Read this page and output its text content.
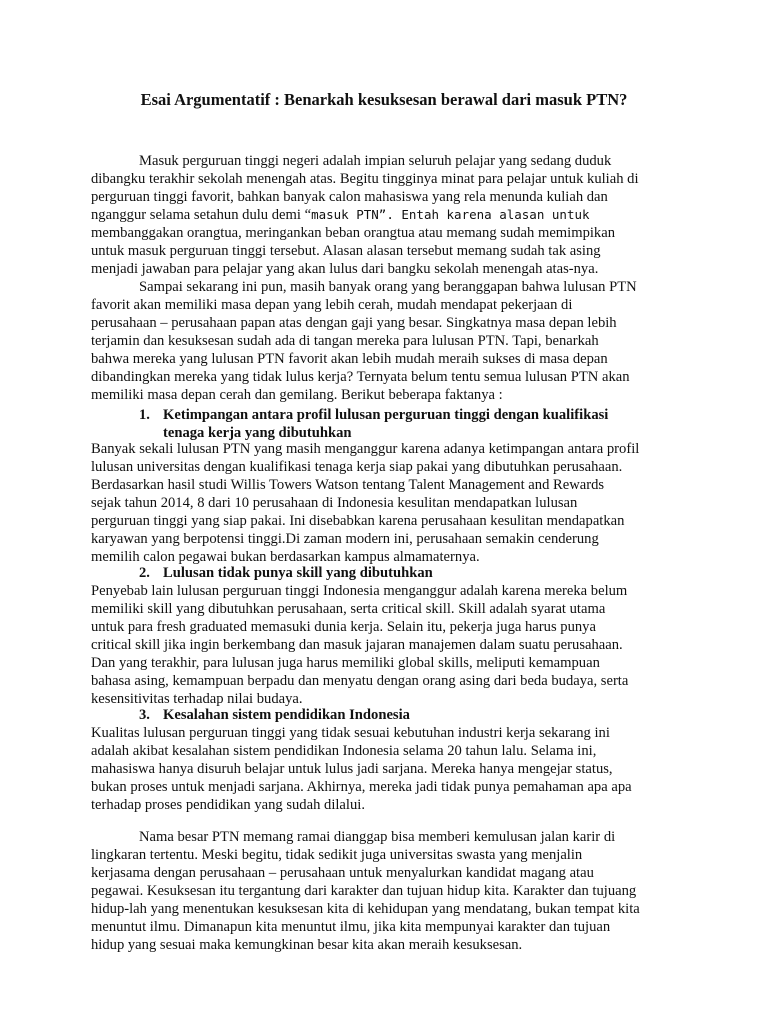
Esai Argumentatif : Benarkah kesuksesan berawal dari masuk PTN?

Masuk perguruan tinggi negeri adalah impian seluruh pelajar yang sedang duduk

dibangku terakhir sekolah menengah atas. Begitu tingginya minat para pelajar untuk kuliah di

perguruan tinggi favorit, bahkan banyak calon mahasiswa yang rela menunda kuliah dan

nganggur selama setahun dulu demi “masuk PTN”. Entah karena alasan untuk

membanggakan orangtua, meringankan beban orangtua atau memang sudah memimpikan

untuk masuk perguruan tinggi tersebut. Alasan alasan tersebut memang sudah tak asing

menjadi jawaban para pelajar yang akan lulus dari bangku sekolah menengah atas-nya.

Sampai sekarang ini pun, masih banyak orang yang beranggapan bahwa lulusan PTN

favorit akan memiliki masa depan yang lebih cerah, mudah mendapat pekerjaan di

perusahaan – perusahaan papan atas dengan gaji yang besar. Singkatnya masa depan lebih

terjamin dan kesuksesan sudah ada di tangan mereka para lulusan PTN. Tapi, benarkah

bahwa mereka yang lulusan PTN favorit akan lebih mudah meraih sukses di masa depan

dibandingkan mereka yang tidak lulus kerja? Ternyata belum tentu semua lulusan PTN akan

memiliki masa depan cerah dan gemilang. Berikut beberapa faktanya :

1. Ketimpangan antara profil lulusan perguruan tinggi dengan kualifikasi
tenaga kerja yang dibutuhkan

Banyak sekali lulusan PTN yang masih menganggur karena adanya ketimpangan antara profil

lulusan universitas dengan kualifikasi tenaga kerja siap pakai yang dibutuhkan perusahaan.

Berdasarkan hasil studi Willis Towers Watson tentang Talent Management and Rewards

sejak tahun 2014, 8 dari 10 perusahaan di Indonesia kesulitan mendapatkan lulusan

perguruan tinggi yang siap pakai. Ini disebabkan karena perusahaan kesulitan mendapatkan

karyawan yang berpotensi tinggi.Di zaman modern ini, perusahaan semakin cenderung

memilih calon pegawai bukan berdasarkan kampus almamaternya.

2. Lulusan tidak punya skill yang dibutuhkan

Penyebab lain lulusan perguruan tinggi Indonesia menganggur adalah karena mereka belum

memiliki skill yang dibutuhkan perusahaan, serta critical skill. Skill adalah syarat utama

untuk para fresh graduated memasuki dunia kerja. Selain itu, pekerja juga harus punya

critical skill jika ingin berkembang dan masuk jajaran manajemen dalam suatu perusahaan.

Dan yang terakhir, para lulusan juga harus memiliki global skills, meliputi kemampuan

bahasa asing, kemampuan berpadu dan menyatu dengan orang asing dari beda budaya, serta

kesensitivitas terhadap nilai budaya.

3. Kesalahan sistem pendidikan Indonesia

Kualitas lulusan perguruan tinggi yang tidak sesuai kebutuhan industri kerja sekarang ini

adalah akibat kesalahan sistem pendidikan Indonesia selama 20 tahun lalu. Selama ini,

mahasiswa hanya disuruh belajar untuk lulus jadi sarjana. Mereka hanya mengejar status,

bukan proses untuk menjadi sarjana. Akhirnya, mereka jadi tidak punya pemahaman apa apa

terhadap proses pendidikan yang sudah dilalui.

Nama besar PTN memang ramai dianggap bisa memberi kemulusan jalan karir di

lingkaran tertentu. Meski begitu, tidak sedikit juga universitas swasta yang menjalin

kerjasama dengan perusahaan – perusahaan untuk menyalurkan kandidat magang atau

pegawai. Kesuksesan itu tergantung dari karakter dan tujuan hidup kita. Karakter dan tujuang

hidup-lah yang menentukan kesuksesan kita di kehidupan yang mendatang, bukan tempat kita

menuntut ilmu. Dimanapun kita menuntut ilmu, jika kita mempunyai karakter dan tujuan

hidup yang sesuai maka kemungkinan besar kita akan meraih kesuksesan.
